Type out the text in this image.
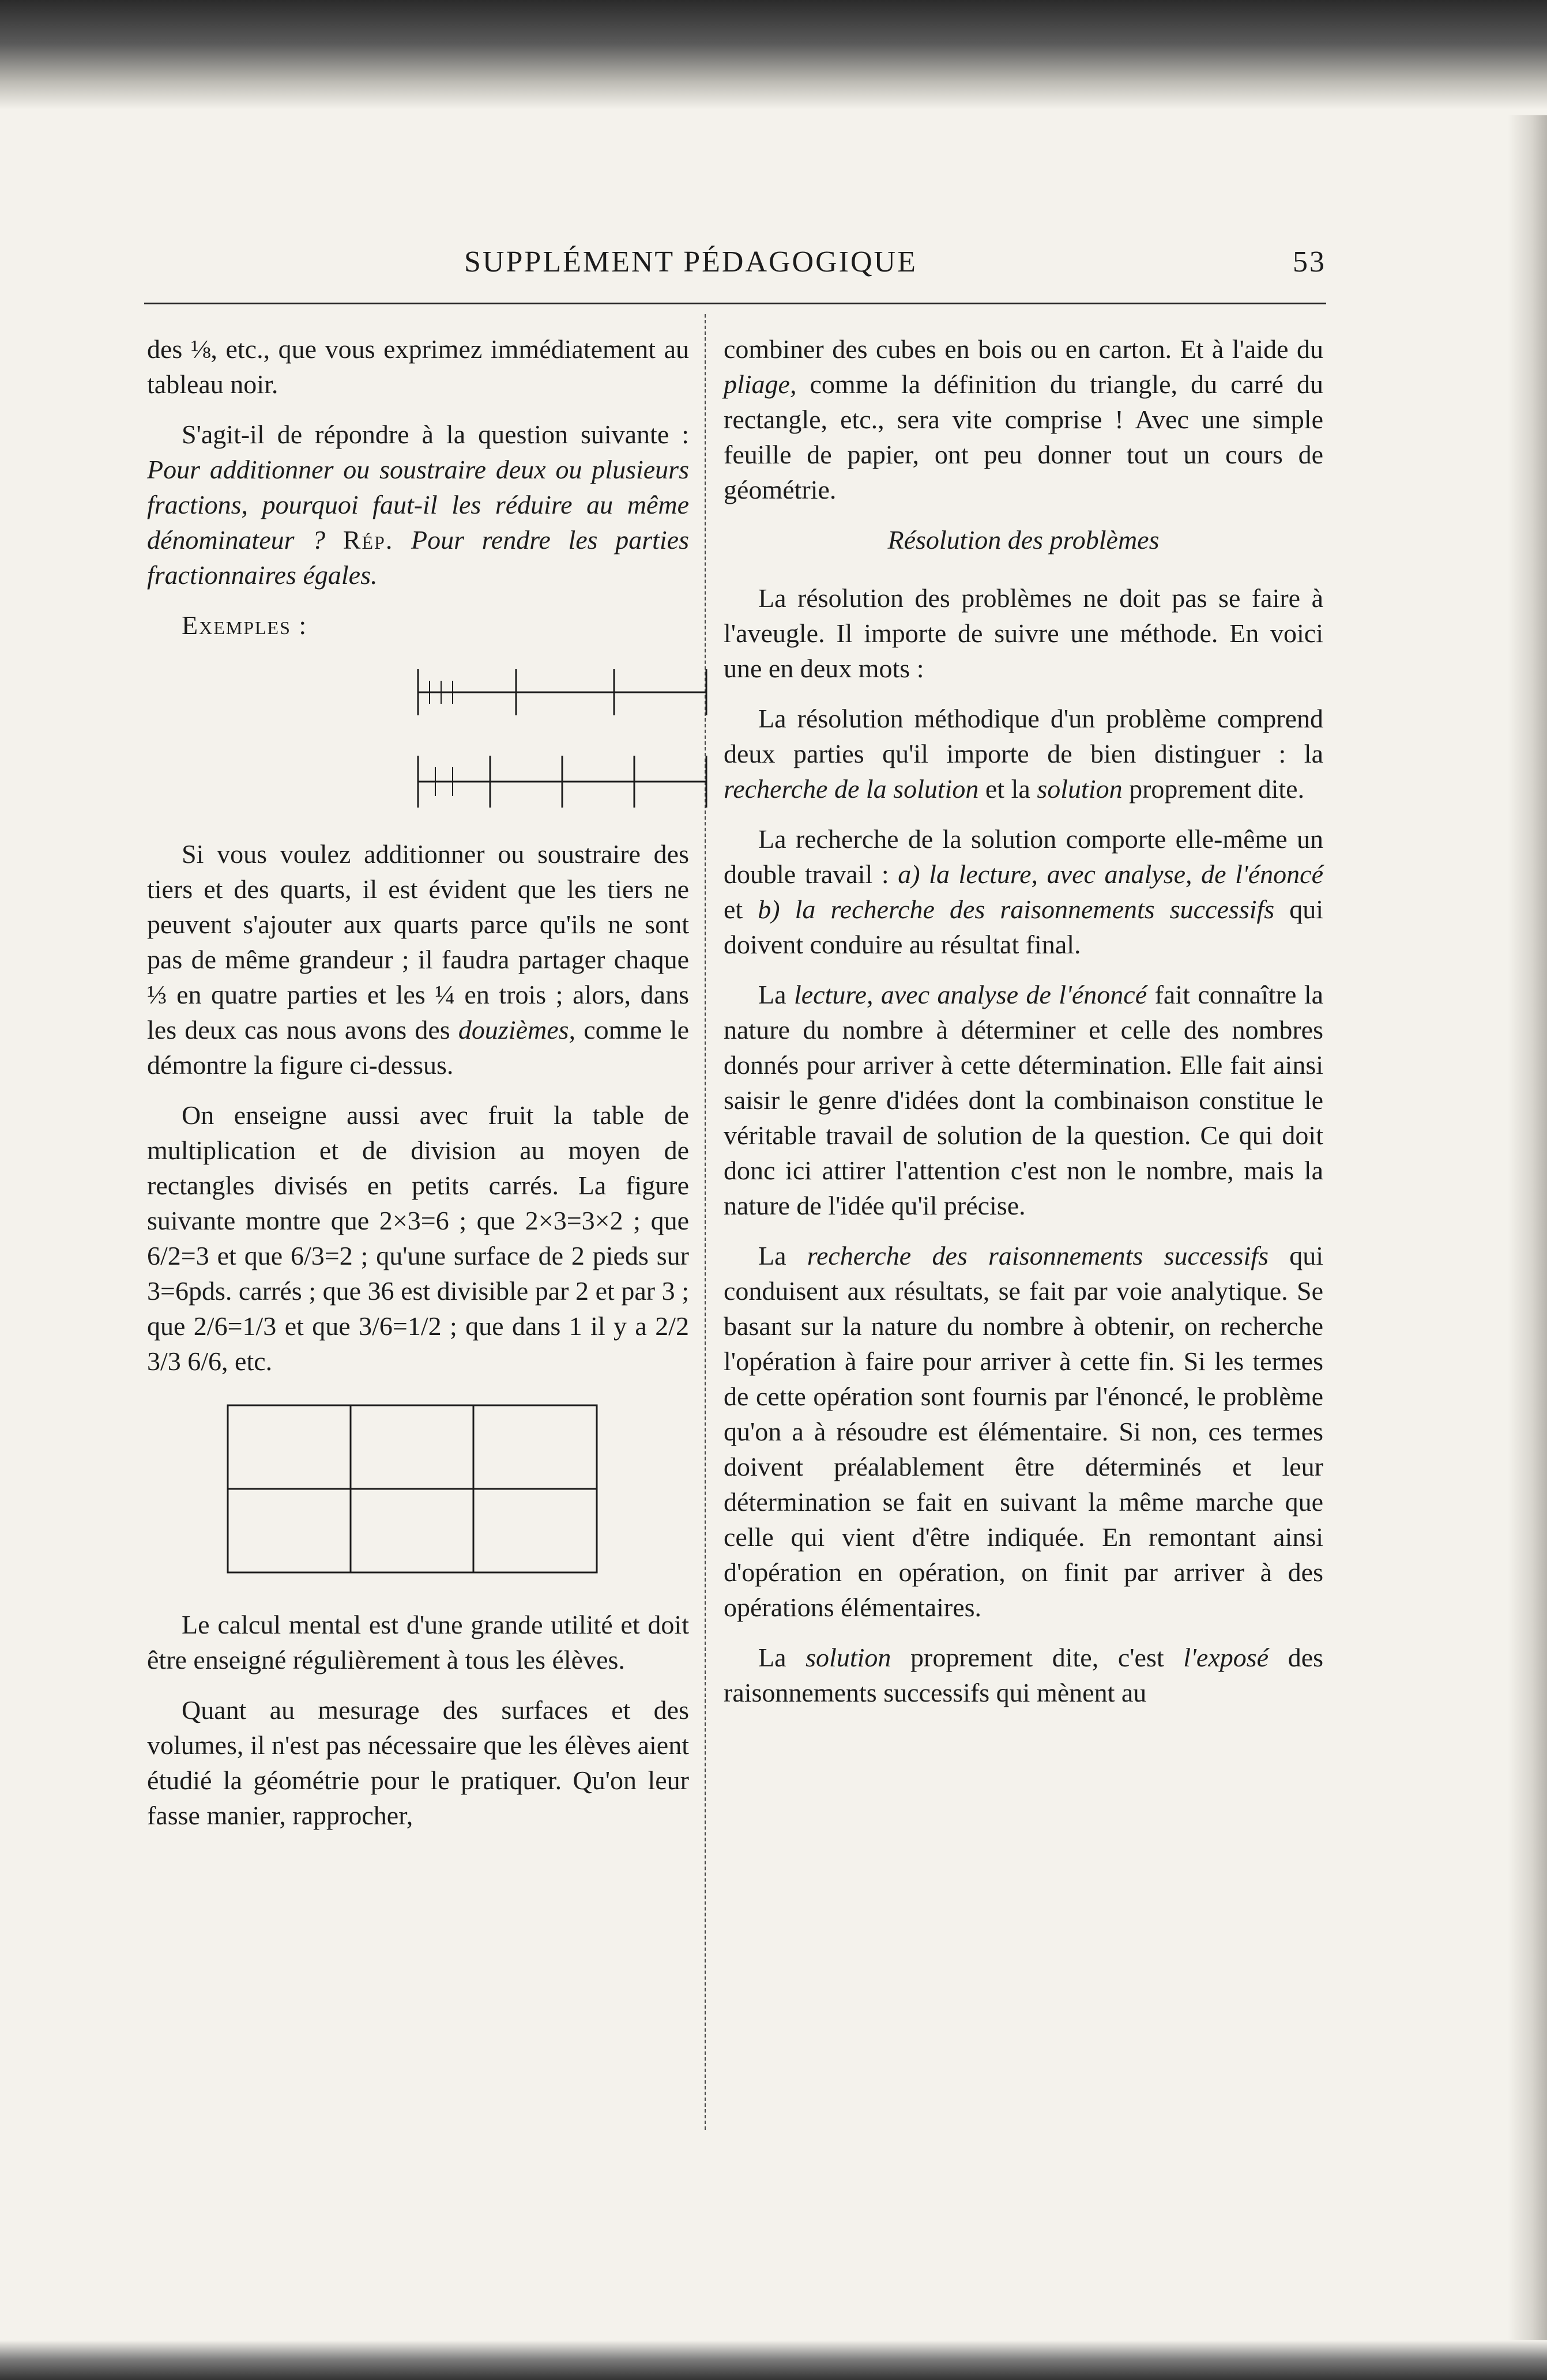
SUPPLÉMENT PÉDAGOGIQUE	53

des ⅛, etc., que vous exprimez immédiatement au tableau noir.

S'agit-il de répondre à la question suivante : Pour additionner ou soustraire deux ou plusieurs fractions, pourquoi faut-il les réduire au même dénominateur ? Rép. Pour rendre les parties fractionnaires égales.

Exemples :

Si vous voulez additionner ou soustraire des tiers et des quarts, il est évident que les tiers ne peuvent s'ajouter aux quarts parce qu'ils ne sont pas de même grandeur ; il faudra partager chaque ⅓ en quatre parties et les ¼ en trois ; alors, dans les deux cas nous avons des douzièmes, comme le démontre la figure ci-dessus.

On enseigne aussi avec fruit la table de multiplication et de division au moyen de rectangles divisés en petits carrés. La figure suivante montre que 2×3=6 ; que 2×3=3×2 ; que 6/2=3 et que 6/3=2 ; qu'une surface de 2 pieds sur 3=6pds. carrés ; que 36 est divisible par 2 et par 3 ; que 2/6=1/3 et que 3/6=1/2 ; que dans 1 il y a 2/2 3/3 6/6, etc.

Le calcul mental est d'une grande utilité et doit être enseigné régulièrement à tous les élèves.

Quant au mesurage des surfaces et des volumes, il n'est pas nécessaire que les élèves aient étudié la géométrie pour le pratiquer. Qu'on leur fasse manier, rapprocher,

combiner des cubes en bois ou en carton. Et à l'aide du pliage, comme la définition du triangle, du carré du rectangle, etc., sera vite comprise ! Avec une simple feuille de papier, ont peu donner tout un cours de géométrie.

Résolution des problèmes

La résolution des problèmes ne doit pas se faire à l'aveugle. Il importe de suivre une méthode. En voici une en deux mots :

La résolution méthodique d'un problème comprend deux parties qu'il importe de bien distinguer : la recherche de la solution et la solution proprement dite.

La recherche de la solution comporte elle-même un double travail : a) la lecture, avec analyse, de l'énoncé et b) la recherche des raisonnements successifs qui doivent conduire au résultat final.

La lecture, avec analyse de l'énoncé fait connaître la nature du nombre à déterminer et celle des nombres donnés pour arriver à cette détermination. Elle fait ainsi saisir le genre d'idées dont la combinaison constitue le véritable travail de solution de la question. Ce qui doit donc ici attirer l'attention c'est non le nombre, mais la nature de l'idée qu'il précise.

La recherche des raisonnements successifs qui conduisent aux résultats, se fait par voie analytique. Se basant sur la nature du nombre à obtenir, on recherche l'opération à faire pour arriver à cette fin. Si les termes de cette opération sont fournis par l'énoncé, le problème qu'on a à résoudre est élémentaire. Si non, ces termes doivent préalablement être déterminés et leur détermination se fait en suivant la même marche que celle qui vient d'être indiquée. En remontant ainsi d'opération en opération, on finit par arriver à des opérations élémentaires.

La solution proprement dite, c'est l'exposé des raisonnements successifs qui mènent au
